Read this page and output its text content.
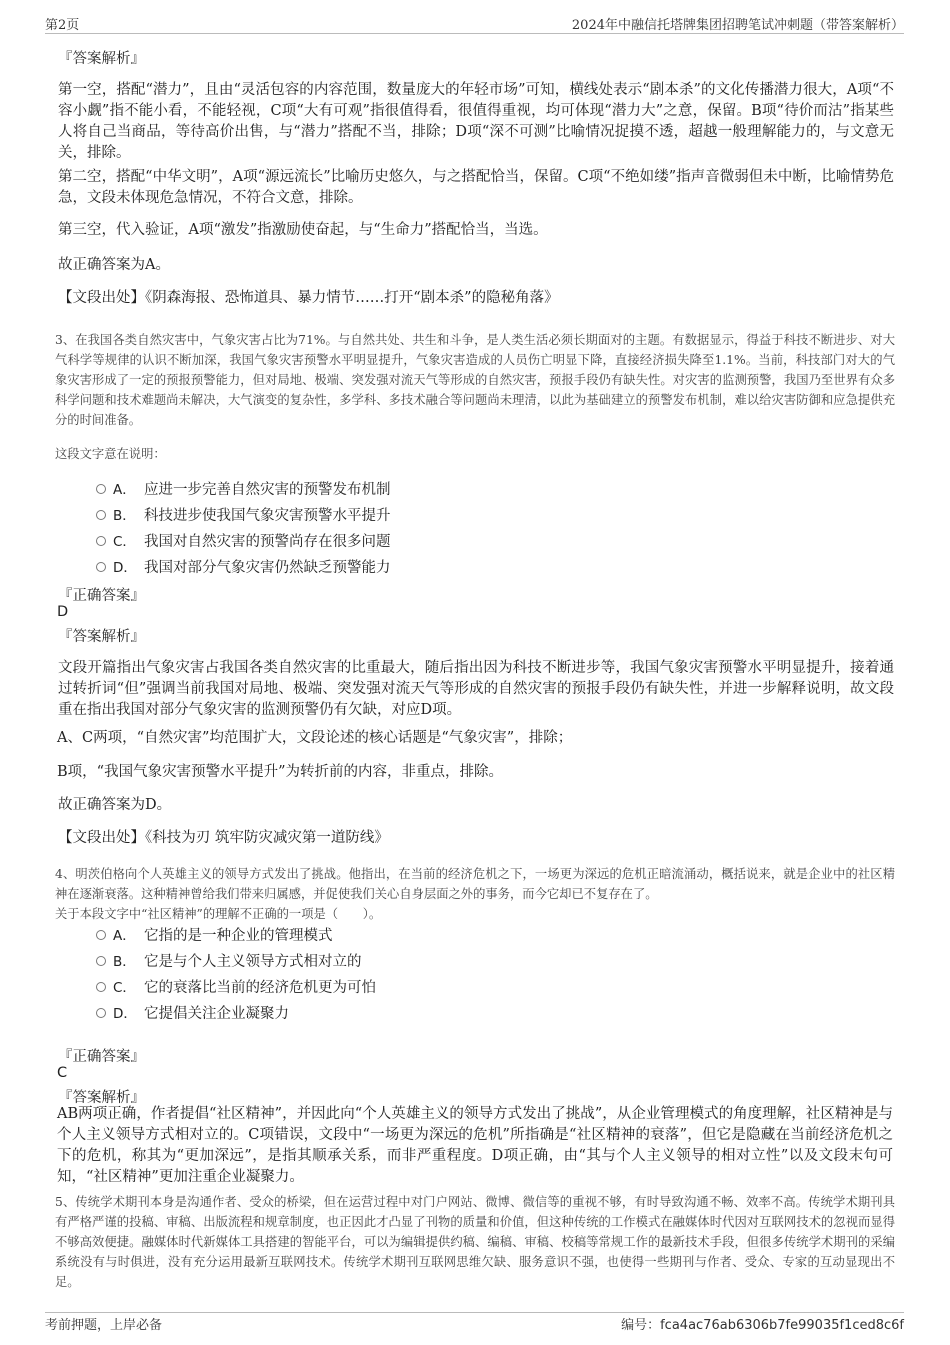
第2页	2024年中融信托塔牌集团招聘笔试冲刺题（带答案解析）
『答案解析』
第一空，搭配“潜力”，且由“灵活包容的内容范围，数量庞大的年轻市场”可知，横线处表示“剧本杀”的文化传播潜力很大，A项“不容小觑”指不能小看，不能轻视，C项“大有可观”指很值得看，很值得重视，均可体现“潜力大”之意，保留。B项“待价而沽”指某些人将自己当商品，等待高价出售，与“潜力”搭配不当，排除；D项“深不可测”比喻情况捉摸不透，超越一般理解能力的，与文意无关，排除。
第二空，搭配“中华文明”，A项“源远流长”比喻历史悠久，与之搭配恰当，保留。C项“不绝如缕”指声音微弱但未中断，比喻情势危急，文段未体现危急情况，不符合文意，排除。
第三空，代入验证，A项“激发”指激励使奋起，与“生命力”搭配恰当，当选。
故正确答案为A。
【文段出处】《阴森海报、恐怖道具、暴力情节……打开“剧本杀”的隐秘角落》
3、在我国各类自然灾害中，气象灾害占比为71%。与自然共处、共生和斗争，是人类生活必须长期面对的主题。有数据显示，得益于科技不断进步、对大气科学等规律的认识不断加深，我国气象灾害预警水平明显提升，气象灾害造成的人员伤亡明显下降，直接经济损失降至1.1%。当前，科技部门对大的气象灾害形成了一定的预报预警能力，但对局地、极端、突发强对流天气等形成的自然灾害，预报手段仍有缺失性。对灾害的监测预警，我国乃至世界有众多科学问题和技术难题尚未解决，大气演变的复杂性，多学科、多技术融合等问题尚未理清，以此为基础建立的预警发布机制，难以给灾害防御和应急提供充分的时间准备。
这段文字意在说明：
A． 应进一步完善自然灾害的预警发布机制
B． 科技进步使我国气象灾害预警水平提升
C． 我国对自然灾害的预警尚存在很多问题
D． 我国对部分气象灾害仍然缺乏预警能力
『正确答案』
D
『答案解析』
文段开篇指出气象灾害占我国各类自然灾害的比重最大，随后指出因为科技不断进步等，我国气象灾害预警水平明显提升，接着通过转折词“但”强调当前我国对局地、极端、突发强对流天气等形成的自然灾害的预报手段仍有缺失性，并进一步解释说明，故文段重在指出我国对部分气象灾害的监测预警仍有欠缺，对应D项。
A、C两项，“自然灾害”均范围扩大，文段论述的核心话题是“气象灾害”，排除；
B项，“我国气象灾害预警水平提升”为转折前的内容，非重点，排除。
故正确答案为D。
【文段出处】《科技为刃 筑牢防灾减灾第一道防线》
4、明茨伯格向个人英雄主义的领导方式发出了挑战。他指出，在当前的经济危机之下，一场更为深远的危机正暗流涌动，概括说来，就是企业中的社区精神在逐渐衰落。这种精神曾给我们带来归属感，并促使我们关心自身层面之外的事务，而今它却已不复存在了。
关于本段文字中“社区精神”的理解不正确的一项是（　　）。
A． 它指的是一种企业的管理模式
B． 它是与个人主义领导方式相对立的
C． 它的衰落比当前的经济危机更为可怕
D． 它提倡关注企业凝聚力
『正确答案』
C
『答案解析』
AB两项正确，作者提倡“社区精神”，并因此向“个人英雄主义的领导方式发出了挑战”，从企业管理模式的角度理解，社区精神是与个人主义领导方式相对立的。C项错误，文段中“一场更为深远的危机”所指确是“社区精神的衰落”，但它是隐藏在当前经济危机之下的危机，称其为“更加深远”，是指其顺承关系，而非严重程度。D项正确，由“其与个人主义领导的相对立性”以及文段末句可知，“社区精神”更加注重企业凝聚力。
5、传统学术期刊本身是沟通作者、受众的桥梁，但在运营过程中对门户网站、微博、微信等的重视不够，有时导致沟通不畅、效率不高。传统学术期刊具有严格严谨的投稿、审稿、出版流程和规章制度，也正因此才凸显了刊物的质量和价值，但这种传统的工作模式在融媒体时代因对互联网技术的忽视而显得不够高效便捷。融媒体时代新媒体工具搭建的智能平台，可以为编辑提供约稿、编稿、审稿、校稿等常规工作的最新技术手段，但很多传统学术期刊的采编系统没有与时俱进，没有充分运用最新互联网技术。传统学术期刊互联网思维欠缺、服务意识不强，也使得一些期刊与作者、受众、专家的互动显现出不足。
考前押题，上岸必备	编号：fca4ac76ab6306b7fe99035f1ced8c6f
